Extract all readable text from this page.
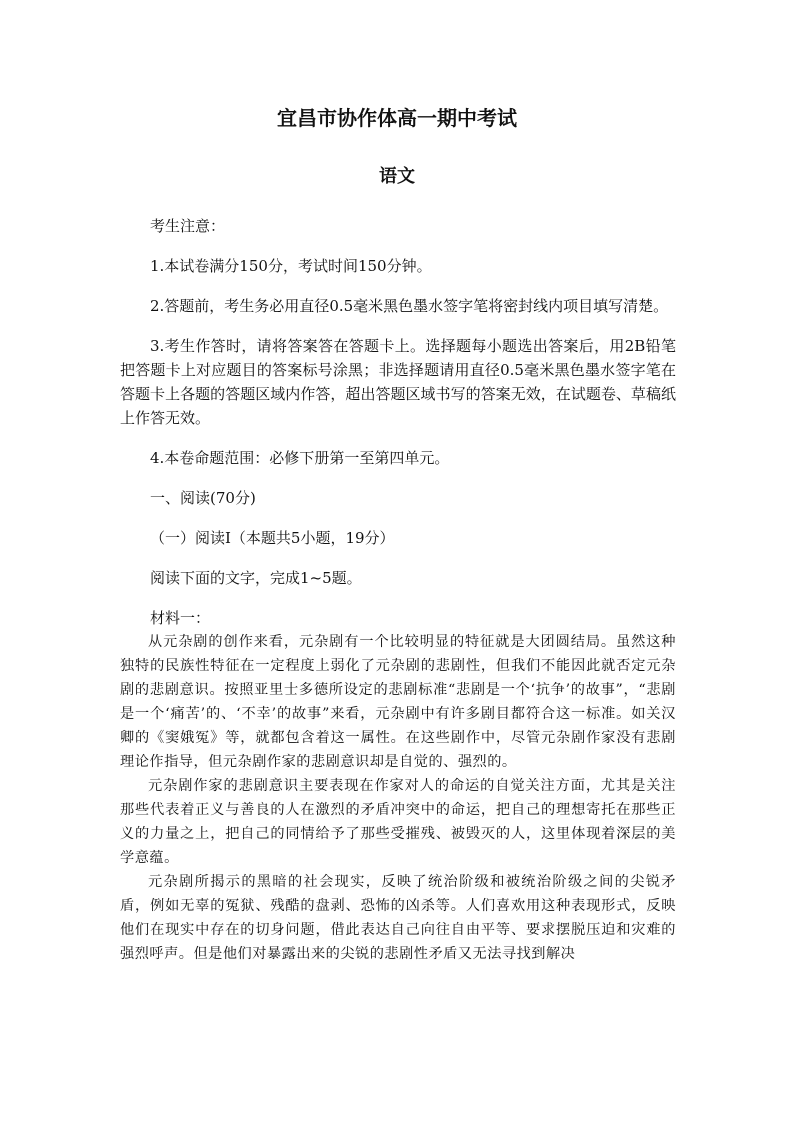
宜昌市协作体高一期中考试
语文

考生注意：

1.本试卷满分150分，考试时间150分钟。

2.答题前，考生务必用直径0.5毫米黑色墨水签字笔将密封线内项目填写清楚。

3.考生作答时，请将答案答在答题卡上。选择题每小题选出答案后，用2B铅笔把答题卡上对应题目的答案标号涂黑；非选择题请用直径0.5毫米黑色墨水签字笔在答题卡上各题的答题区域内作答，超出答题区域书写的答案无效，在试题卷、草稿纸上作答无效。

4.本卷命题范围：必修下册第一至第四单元。

一、阅读(70分)

（一）阅读Ⅰ（本题共5小题，19分）

阅读下面的文字，完成1~5题。

材料一：

从元杂剧的创作来看，元杂剧有一个比较明显的特征就是大团圆结局。虽然这种独特的民族性特征在一定程度上弱化了元杂剧的悲剧性，但我们不能因此就否定元杂剧的悲剧意识。按照亚里士多德所设定的悲剧标准“悲剧是一个‘抗争’的故事”，“悲剧是一个‘痛苦’的、‘不幸’的故事”来看，元杂剧中有许多剧目都符合这一标准。如关汉卿的《窦娥冤》等，就都包含着这一属性。在这些剧作中，尽管元杂剧作家没有悲剧理论作指导，但元杂剧作家的悲剧意识却是自觉的、强烈的。

元杂剧作家的悲剧意识主要表现在作家对人的命运的自觉关注方面，尤其是关注那些代表着正义与善良的人在激烈的矛盾冲突中的命运，把自己的理想寄托在那些正义的力量之上，把自己的同情给予了那些受摧残、被毁灭的人，这里体现着深层的美学意蕴。

元杂剧所揭示的黑暗的社会现实，反映了统治阶级和被统治阶级之间的尖锐矛盾，例如无辜的冤狱、残酷的盘剥、恐怖的凶杀等。人们喜欢用这种表现形式，反映他们在现实中存在的切身问题，借此表达自己向往自由平等、要求摆脱压迫和灾难的强烈呼声。但是他们对暴露出来的尖锐的悲剧性矛盾又无法寻找到解决
